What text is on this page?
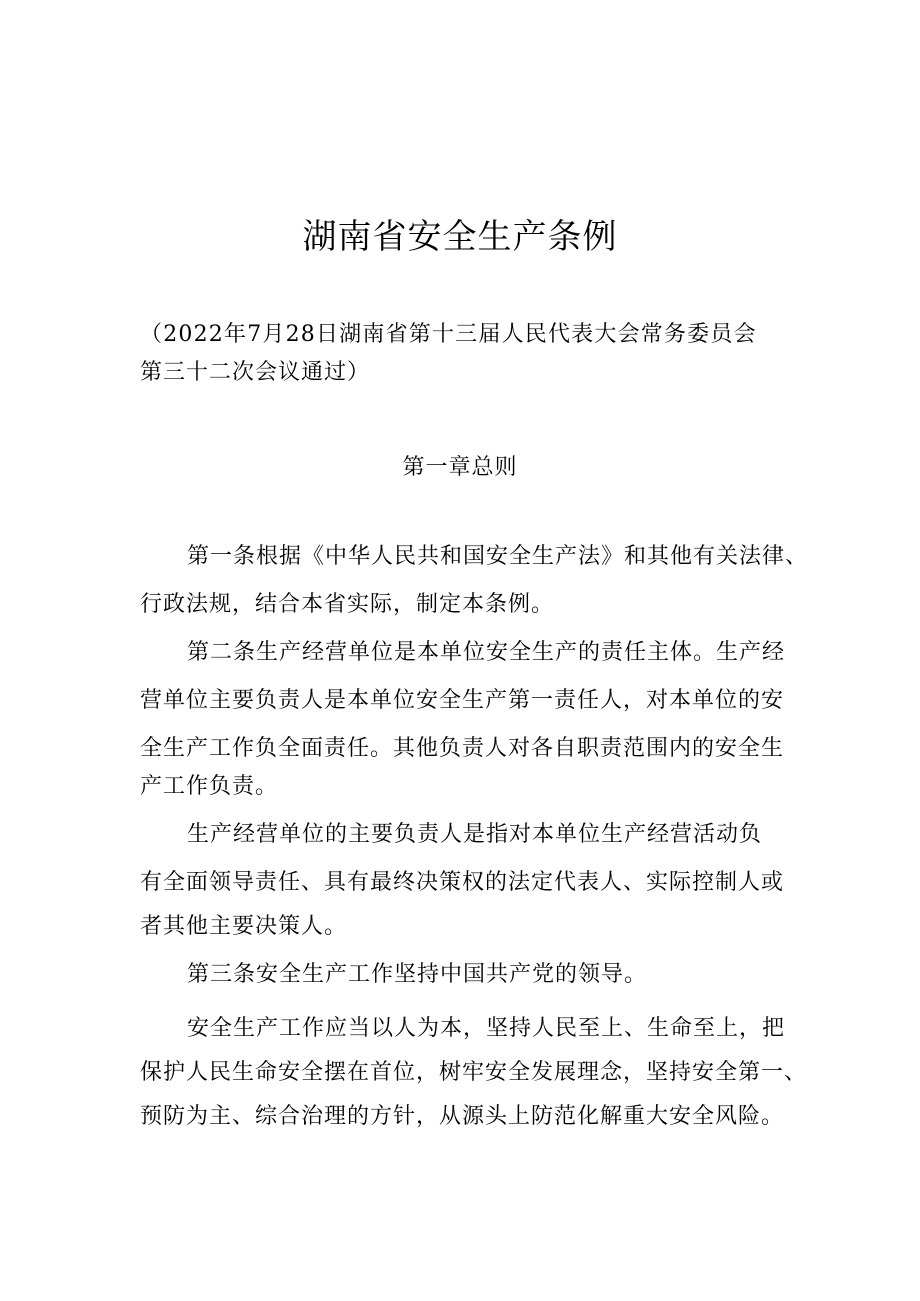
湖南省安全生产条例
（2022年7月28日湖南省第十三届人民代表大会常务委员会
第三十二次会议通过）
第一章总则
第一条根据《中华人民共和国安全生产法》和其他有关法律、
行政法规，结合本省实际，制定本条例。
第二条生产经营单位是本单位安全生产的责任主体。生产经
营单位主要负责人是本单位安全生产第一责任人，对本单位的安
全生产工作负全面责任。其他负责人对各自职责范围内的安全生
产工作负责。
生产经营单位的主要负责人是指对本单位生产经营活动负
有全面领导责任、具有最终决策权的法定代表人、实际控制人或
者其他主要决策人。
第三条安全生产工作坚持中国共产党的领导。
安全生产工作应当以人为本，坚持人民至上、生命至上，把
保护人民生命安全摆在首位，树牢安全发展理念，坚持安全第一、
预防为主、综合治理的方针，从源头上防范化解重大安全风险。
